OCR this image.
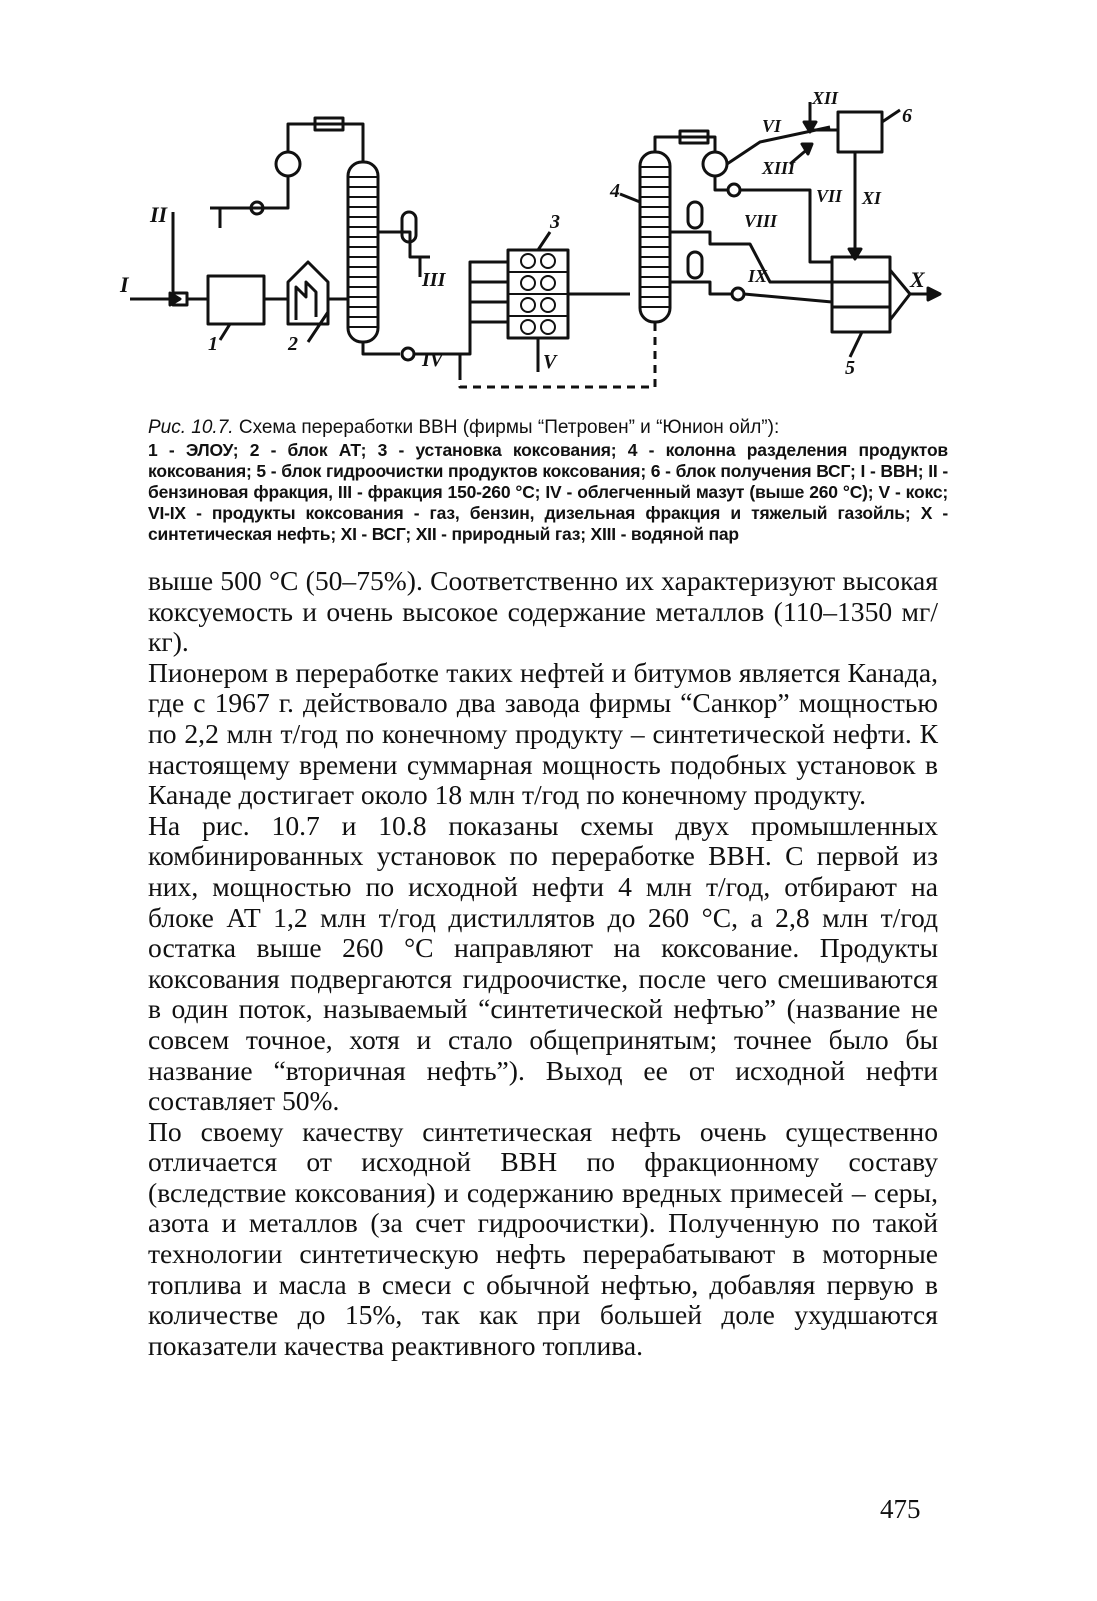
I
II
III
IV	V
VI
VII
VIII
IX	X
XI
XII
XIII
1	2
3
4
5
6
Рис. 10.7. Схема переработки ВВН (фирмы “Петровен” и “Юнион ойл”):
1 - ЭЛОУ; 2 - блок АТ; 3 - установка коксования; 4 - колонна разделения продуктов коксования; 5 - блок гидроочистки продуктов коксования; 6 - блок получения ВСГ; I - ВВН; II - бензиновая фракция, III - фракция 150-260 °C; IV - облегченный мазут (выше 260 °C); V - кокс; VI-IX - продукты коксования - газ, бензин, дизельная фракция и тяжелый газойль; X - синтетическая нефть; XI - ВСГ; XII - природный газ; XIII - водяной пар

выше 500 °C (50–75%). Соответственно их характеризуют высокая коксуемость и очень высокое содержание металлов (110–1350 мг/кг).

Пионером в переработке таких нефтей и битумов является Канада, где с 1967 г. действовало два завода фирмы “Санкор” мощностью по 2,2 млн т/год по конечному продукту – синтетической нефти. К настоящему времени суммарная мощность подобных установок в Канаде достигает около 18 млн т/год по конечному продукту.

На рис. 10.7 и 10.8 показаны схемы двух промышленных комбинированных установок по переработке ВВН. С первой из них, мощностью по исходной нефти 4 млн т/год, отбирают на блоке АТ 1,2 млн т/год дистиллятов до 260 °C, а 2,8 млн т/год остатка выше 260 °C направляют на коксование. Продукты коксования подвергаются гидроочистке, после чего смешиваются в один поток, называемый “синтетической нефтью” (название не совсем точное, хотя и стало общепринятым; точнее было бы название “вторичная нефть”). Выход ее от исходной нефти составляет 50%.

По своему качеству синтетическая нефть очень существенно отличается от исходной ВВН по фракционному составу (вследствие коксования) и содержанию вредных примесей – серы, азота и металлов (за счет гидроочистки). Полученную по такой технологии синтетическую нефть перерабатывают в моторные топлива и масла в смеси с обычной нефтью, добавляя первую в количестве до 15%, так как при большей доле ухудшаются показатели качества реактивного топлива.

475
